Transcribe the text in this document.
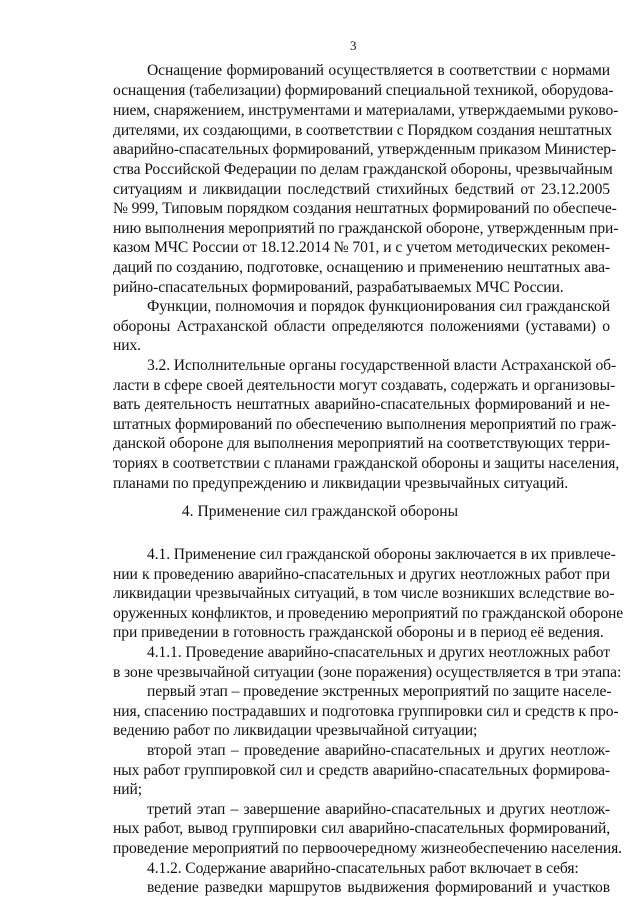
3
Оснащение формирований осуществляется в соответствии с нормами
оснащения (табелизации) формирований специальной техникой, оборудова-
нием, снаряжением, инструментами и материалами, утверждаемыми руково-
дителями, их создающими, в соответствии с Порядком создания нештатных
аварийно-спасательных формирований, утвержденным приказом Министер-
ства Российской Федерации по делам гражданской обороны, чрезвычайным
ситуациям и ликвидации последствий стихийных бедствий от 23.12.2005
№ 999, Типовым порядком создания нештатных формирований по обеспече-
нию выполнения мероприятий по гражданской обороне, утвержденным при-
казом МЧС России от 18.12.2014 № 701, и с учетом методических рекомен-
даций по созданию, подготовке, оснащению и применению нештатных ава-
рийно-спасательных формирований, разрабатываемых МЧС России.
Функции, полномочия и порядок функционирования сил гражданской
обороны Астраханской области определяются положениями (уставами) о
них.
3.2. Исполнительные органы государственной власти Астраханской об-
ласти в сфере своей деятельности могут создавать, содержать и организовы-
вать деятельность нештатных аварийно-спасательных формирований и не-
штатных формирований по обеспечению выполнения мероприятий по граж-
данской обороне для выполнения мероприятий на соответствующих терри-
ториях в соответствии с планами гражданской обороны и защиты населения,
планами по предупреждению и ликвидации чрезвычайных ситуаций.
4. Применение сил гражданской обороны
4.1. Применение сил гражданской обороны заключается в их привлече-
нии к проведению аварийно-спасательных и других неотложных работ при
ликвидации чрезвычайных ситуаций, в том числе возникших вследствие во-
оруженных конфликтов, и проведению мероприятий по гражданской обороне
при приведении в готовность гражданской обороны и в период её ведения.
4.1.1. Проведение аварийно-спасательных и других неотложных работ
в зоне чрезвычайной ситуации (зоне поражения) осуществляется в три этапа:
первый этап – проведение экстренных мероприятий по защите населе-
ния, спасению пострадавших и подготовка группировки сил и средств к про-
ведению работ по ликвидации чрезвычайной ситуации;
второй этап – проведение аварийно-спасательных и других неотлож-
ных работ группировкой сил и средств аварийно-спасательных формирова-
ний;
третий этап – завершение аварийно-спасательных и других неотлож-
ных работ, вывод группировки сил аварийно-спасательных формирований,
проведение мероприятий по первоочередному жизнеобеспечению населения.
4.1.2. Содержание аварийно-спасательных работ включает в себя:
ведение разведки маршрутов выдвижения формирований и участков
